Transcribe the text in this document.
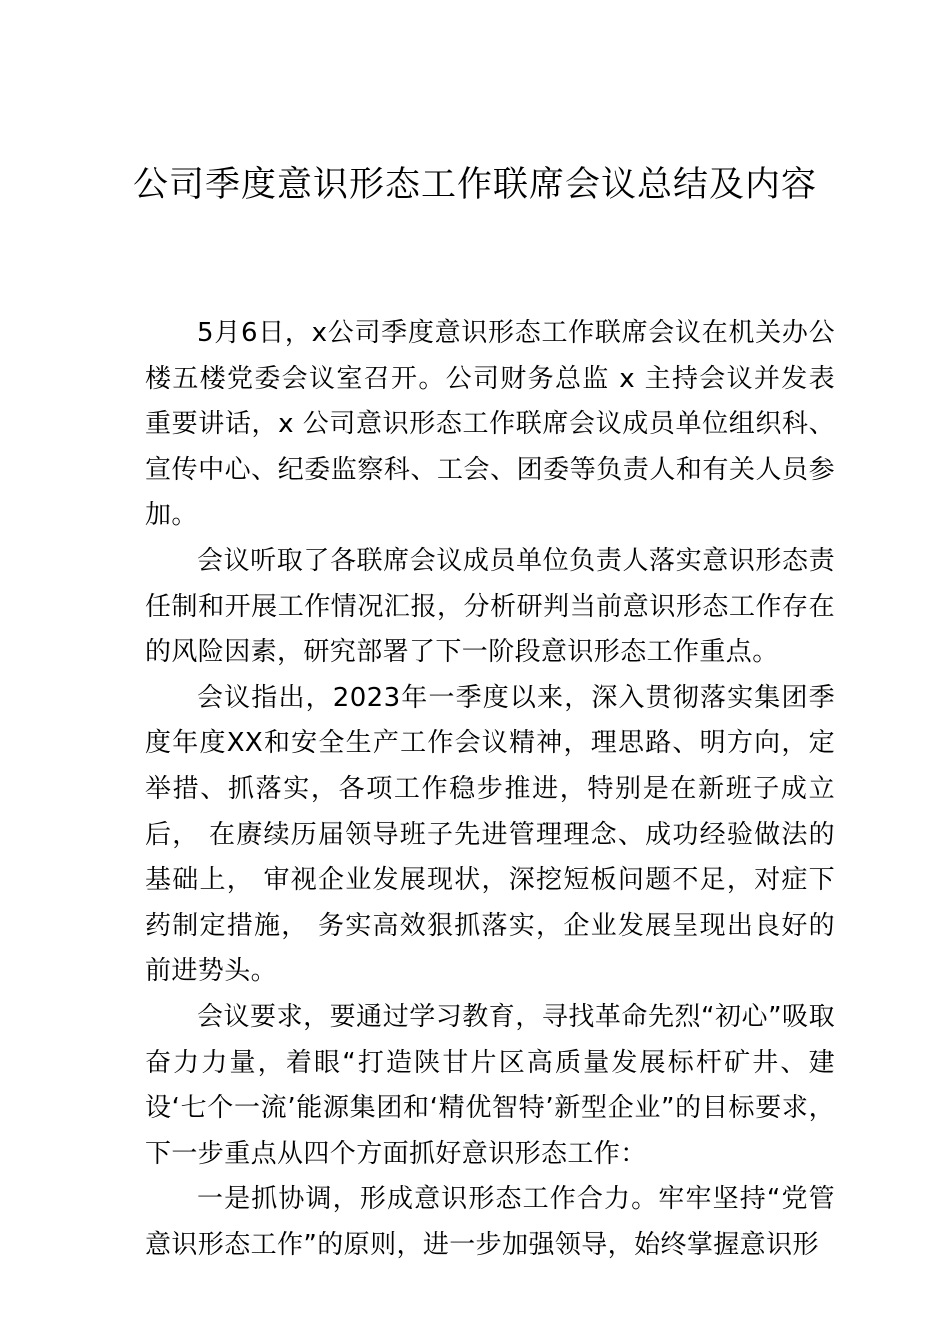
公司季度意识形态工作联席会议总结及内容

5月6日，x公司季度意识形态工作联席会议在机关办公楼五楼党委会议室召开。公司财务总监 x 主持会议并发表重要讲话，x 公司意识形态工作联席会议成员单位组织科、宣传中心、纪委监察科、工会、团委等负责人和有关人员参加。

会议听取了各联席会议成员单位负责人落实意识形态责任制和开展工作情况汇报，分析研判当前意识形态工作存在的风险因素，研究部署了下一阶段意识形态工作重点。

会议指出，2023年一季度以来，深入贯彻落实集团季度年度XX和安全生产工作会议精神，理思路、明方向，定举措、抓落实，各项工作稳步推进，特别是在新班子成立后， 在赓续历届领导班子先进管理理念、成功经验做法的基础上， 审视企业发展现状，深挖短板问题不足，对症下药制定措施， 务实高效狠抓落实，企业发展呈现出良好的前进势头。

会议要求，要通过学习教育，寻找革命先烈“初心”吸取奋力力量，着眼“打造陕甘片区高质量发展标杆矿井、建设‘七个一流’能源集团和‘精优智特’新型企业”的目标要求，下一步重点从四个方面抓好意识形态工作：

一是抓协调，形成意识形态工作合力。牢牢坚持“党管意识形态工作”的原则，进一步加强领导，始终掌握意识形
